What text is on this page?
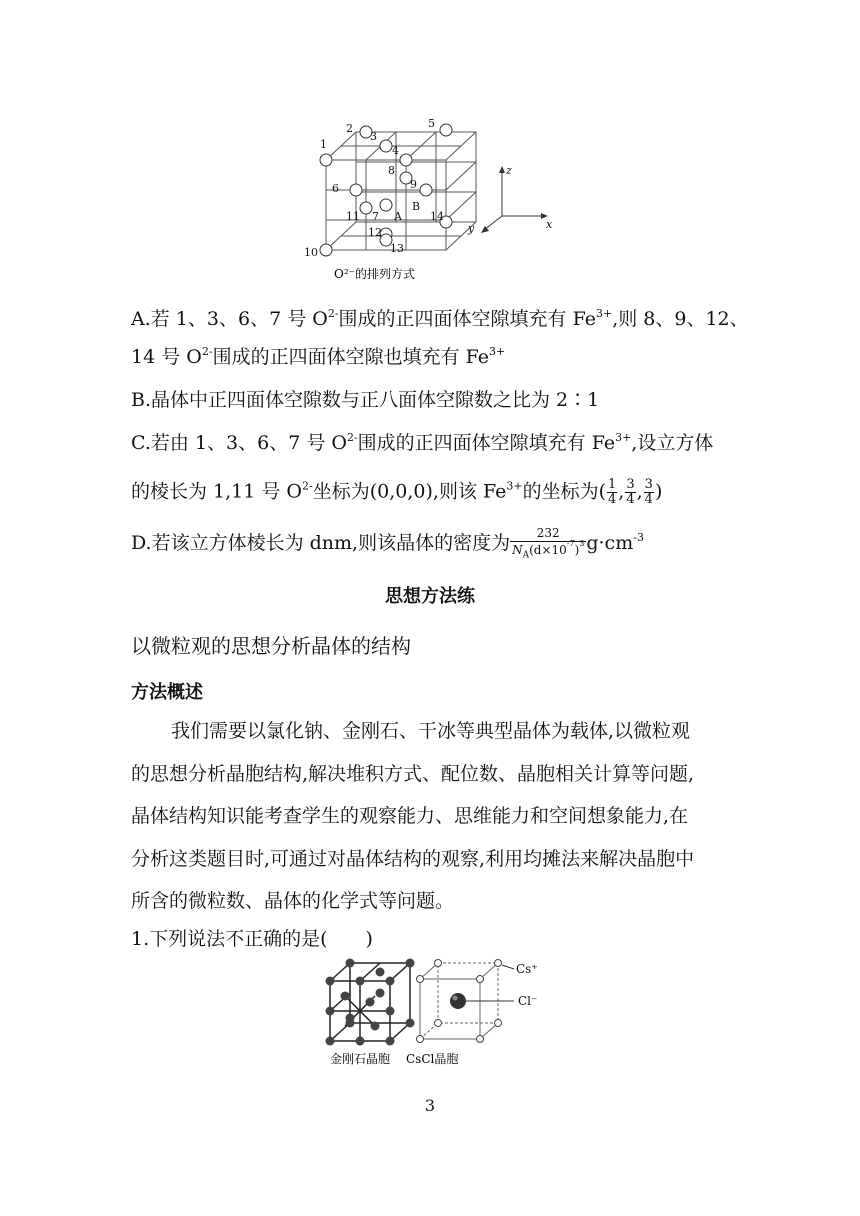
1
2
3
4
5
6
7
8
9
10
11
12
13
14
A
B
O²⁻的排列方式
z
x
y
A.若 1、3、6、7 号 $O^{2-}$围成的正四面体空隙填充有 $Fe^{3+}$,则 8、9、12、
14 号 $O^{2-}$围成的正四面体空隙也填充有 $Fe^{3+}$
B.晶体中正四面体空隙数与正八面体空隙数之比为 2∶1
C.若由 1、3、6、7 号 $O^{2-}$围成的正四面体空隙填充有 $Fe^{3+}$,设立方体
的棱长为 1,11 号 $O^{2-}$坐标为(0,0,0),则该 $Fe^{3+}$的坐标为( $\frac{1}{4}$ , $\frac{3}{4}$ , $\frac{3}{4}$ )
D.若该立方体棱长为 dnm,则该晶体的密度为 $\frac{232}{N_A(d\times 10^{-7})^3} g\cdot cm^{-3}$
思想方法练
以微粒观的思想分析晶体的结构
方法概述
我们需要以氯化钠、金刚石、干冰等典型晶体为载体,以微粒观
的思想分析晶胞结构,解决堆积方式、配位数、晶胞相关计算等问题,
晶体结构知识能考查学生的观察能力、思维能力和空间想象能力,在
分析这类题目时,可通过对晶体结构的观察,利用均摊法来解决晶胞中
所含的微粒数、晶体的化学式等问题。
1.下列说法不正确的是(　　)
Cs⁺
Cl⁻
金刚石晶胞 CsCl晶胞
3
